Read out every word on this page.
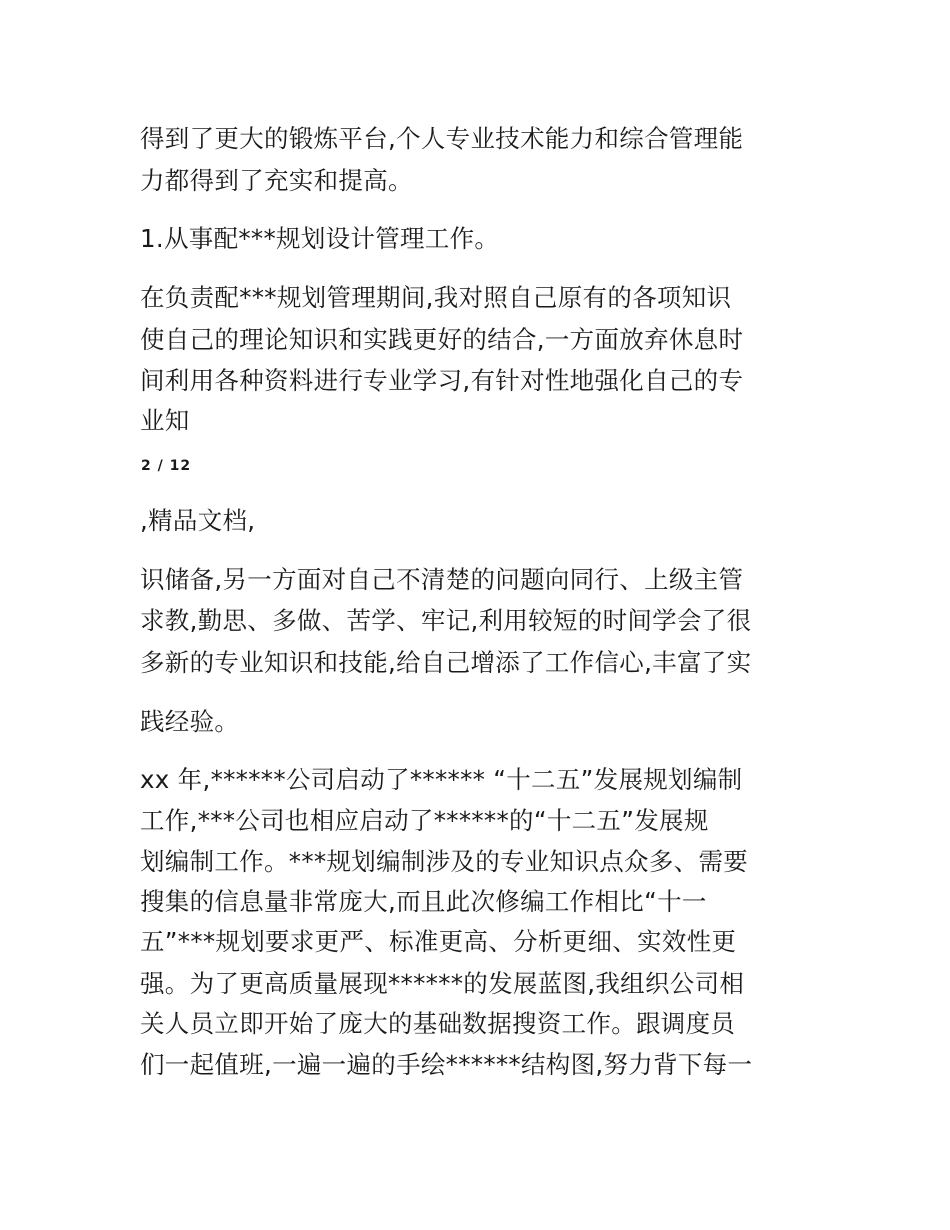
得到了更大的锻炼平台,个人专业技术能力和综合管理能
力都得到了充实和提高。
1.从事配***规划设计管理工作。
在负责配***规划管理期间,我对照自己原有的各项知识
使自己的理论知识和实践更好的结合,一方面放弃休息时
间利用各种资料进行专业学习,有针对性地强化自己的专
业知
2 / 12
,精品文档,
识储备,另一方面对自己不清楚的问题向同行、上级主管
求教,勤思、多做、苦学、牢记,利用较短的时间学会了很
多新的专业知识和技能,给自己增添了工作信心,丰富了实
践经验。
xx 年,******公司启动了****** “十二五”发展规划编制
工作,***公司也相应启动了******的“十二五”发展规
划编制工作。***规划编制涉及的专业知识点众多、需要
搜集的信息量非常庞大,而且此次修编工作相比“十一
五”***规划要求更严、标准更高、分析更细、实效性更
强。为了更高质量展现******的发展蓝图,我组织公司相
关人员立即开始了庞大的基础数据搜资工作。跟调度员
们一起值班,一遍一遍的手绘******结构图,努力背下每一
